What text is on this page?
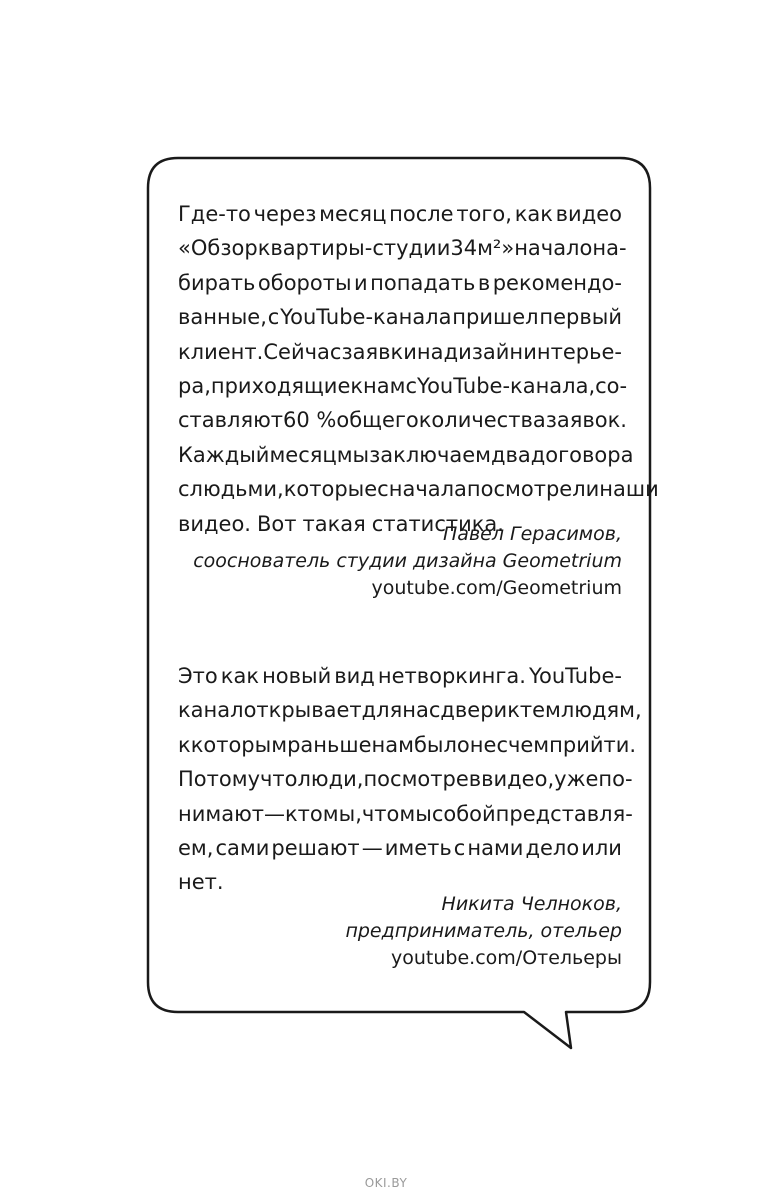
Где-то через месяц после того, как видео
«Обзор квартиры-студии 34 м²» начало на-
бирать обороты и попадать в рекомендо-
ванные, с YouTube-канала пришел первый
клиент. Сейчас заявки на дизайн интерье-
ра, приходящие к нам с YouTube-канала, со-
ставляют 60 % общего количества заявок.
Каждый месяц мы заключаем два договора
с людьми, которые сначала посмотрели наши
видео. Вот такая статистика.
Павел Герасимов,
сооснователь студии дизайна Geometrium
youtube.com/Geometrium
Это как новый вид нетворкинга. YouTube-
канал открывает для нас двери к тем людям,
к которым раньше нам было не с чем прийти.
Потому что люди, посмотрев видео, уже по-
нимают — кто мы, что мы собой представля-
ем, сами решают — иметь с нами дело или
нет.
Никита Челноков,
предприниматель, отельер
youtube.com/Отельеры
OKI.BY
